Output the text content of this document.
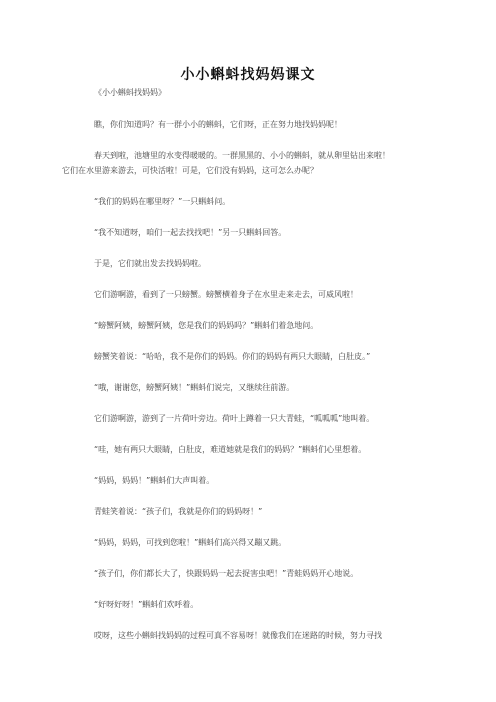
小小蝌蚪找妈妈课文

《小小蝌蚪找妈妈》

瞧，你们知道吗？有一群小小的蝌蚪，它们呀，正在努力地找妈妈呢！

春天到啦，池塘里的水变得暖暖的。一群黑黑的、小小的蝌蚪，就从卵里钻出来啦！

它们在水里游来游去，可快活啦！可是，它们没有妈妈，这可怎么办呢？

“我们的妈妈在哪里呀？”一只蝌蚪问。

“我不知道呀，咱们一起去找找吧！”另一只蝌蚪回答。

于是，它们就出发去找妈妈啦。

它们游啊游，看到了一只螃蟹。螃蟹横着身子在水里走来走去，可威风啦！

“螃蟹阿姨，螃蟹阿姨，您是我们的妈妈吗？”蝌蚪们着急地问。

螃蟹笑着说：“哈哈，我不是你们的妈妈。你们的妈妈有两只大眼睛，白肚皮。”

“哦，谢谢您，螃蟹阿姨！”蝌蚪们说完，又继续往前游。

它们游啊游，游到了一片荷叶旁边。荷叶上蹲着一只大青蛙，“呱呱呱”地叫着。

“哇，她有两只大眼睛，白肚皮，难道她就是我们的妈妈？”蝌蚪们心里想着。

“妈妈，妈妈！”蝌蚪们大声叫着。

青蛙笑着说：“孩子们，我就是你们的妈妈呀！”

“妈妈，妈妈，可找到您啦！”蝌蚪们高兴得又蹦又跳。

“孩子们，你们都长大了，快跟妈妈一起去捉害虫吧！”青蛙妈妈开心地说。

“好呀好呀！”蝌蚪们欢呼着。

哎呀，这些小蝌蚪找妈妈的过程可真不容易呀！就像我们在迷路的时候，努力寻找
